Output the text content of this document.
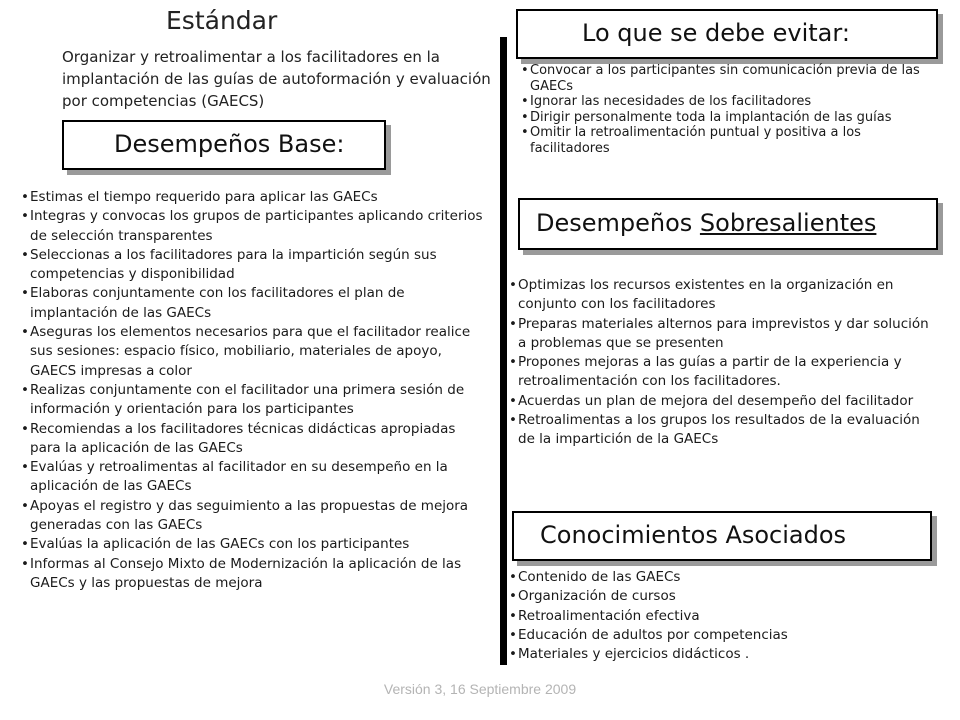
Estándar
Organizar y retroalimentar a los facilitadores en la implantación de las guías de autoformación y evaluación por competencias (GAECS)
Desempeños Base:
• Estimas el tiempo requerido para aplicar las GAECs
• Integras y convocas los grupos de participantes aplicando criterios de selección transparentes
• Seleccionas a los facilitadores para la impartición según sus competencias y disponibilidad
• Elaboras conjuntamente con los facilitadores el plan de implantación de las GAECs
• Aseguras los elementos necesarios para que el facilitador realice sus sesiones: espacio físico, mobiliario, materiales de apoyo, GAECS impresas a color
• Realizas conjuntamente con el facilitador una primera sesión de información y orientación para los participantes
• Recomiendas a los facilitadores técnicas didácticas apropiadas para la aplicación de las GAECs
• Evalúas y retroalimentas al facilitador en su desempeño en la aplicación de las GAECs
• Apoyas el registro y das seguimiento a las propuestas de mejora generadas con las GAECs
• Evalúas la aplicación de las GAECs con los participantes
• Informas al Consejo Mixto de Modernización la aplicación de las GAECs y las propuestas de mejora
Lo que se debe evitar:
• Convocar a los participantes sin comunicación previa de las GAECs
• Ignorar las necesidades de los facilitadores
• Dirigir personalmente toda la implantación de las guías
• Omitir la retroalimentación puntual y positiva a los facilitadores
Desempeños Sobresalientes
• Optimizas los recursos existentes en la organización en conjunto con los facilitadores
• Preparas materiales alternos para imprevistos y dar solución a problemas que se presenten
• Propones mejoras a las guías a partir de la experiencia y retroalimentación con los facilitadores.
• Acuerdas un plan de mejora del desempeño del facilitador
• Retroalimentas a los grupos los resultados de la evaluación de la impartición de la GAECs
Conocimientos Asociados
• Contenido de las GAECs
• Organización de cursos
• Retroalimentación efectiva
• Educación de adultos por competencias
• Materiales y ejercicios didácticos .
Versión 3, 16 Septiembre 2009
